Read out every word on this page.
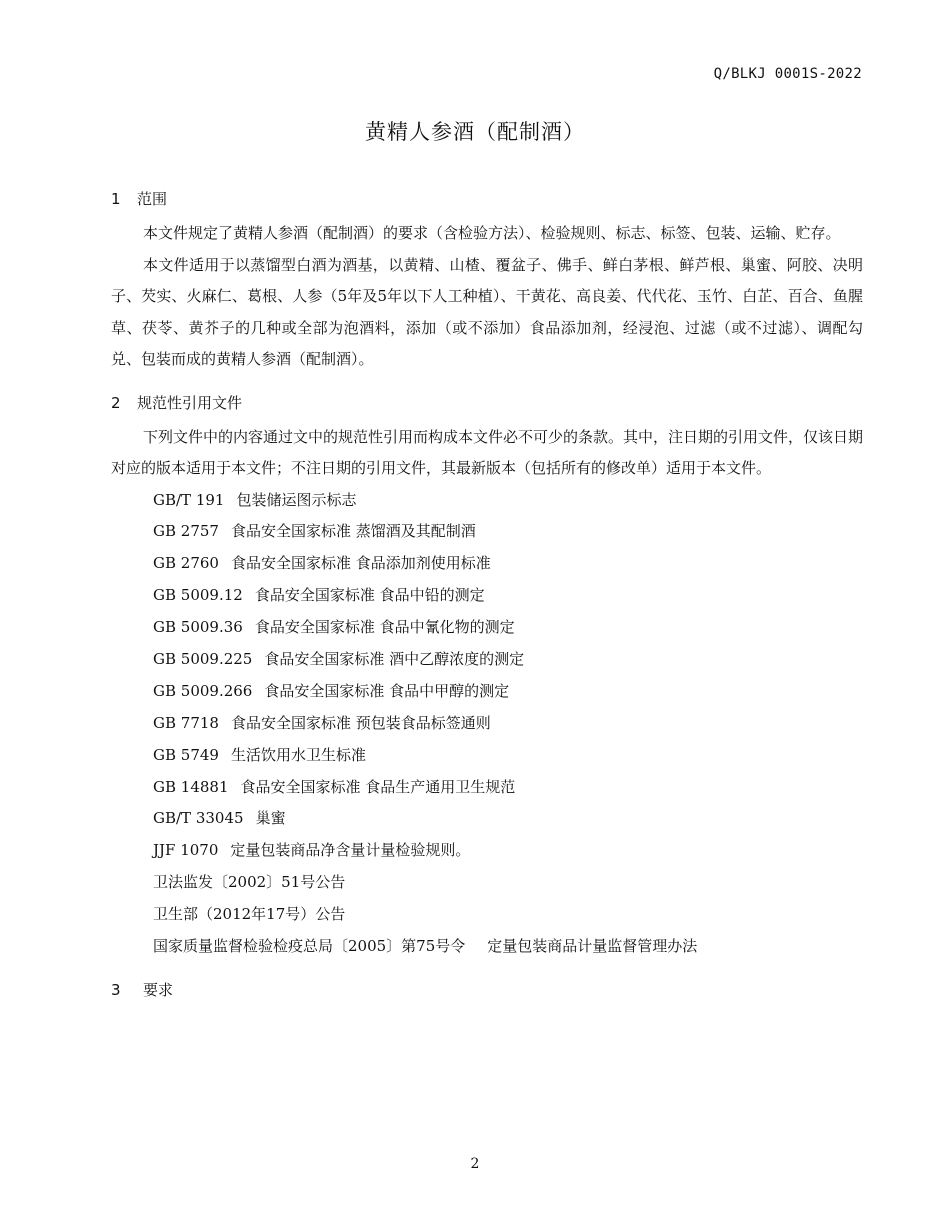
Q/BLKJ 0001S-2022
黄精人参酒（配制酒）
1 范围

本文件规定了黄精人参酒（配制酒）的要求（含检验方法）、检验规则、标志、标签、包装、运输、贮存。

本文件适用于以蒸馏型白酒为酒基，以黄精、山楂、覆盆子、佛手、鲜白茅根、鲜芦根、巢蜜、阿胶、决明子、芡实、火麻仁、葛根、人参（5年及5年以下人工种植）、干黄花、高良姜、代代花、玉竹、白芷、百合、鱼腥草、茯苓、黄芥子的几种或全部为泡酒料，添加（或不添加）食品添加剂，经浸泡、过滤（或不过滤）、调配勾兑、包装而成的黄精人参酒（配制酒）。

2 规范性引用文件

下列文件中的内容通过文中的规范性引用而构成本文件必不可少的条款。其中，注日期的引用文件，仅该日期对应的版本适用于本文件；不注日期的引用文件，其最新版本（包括所有的修改单）适用于本文件。

GB/T 191 包装储运图示标志
GB 2757 食品安全国家标准 蒸馏酒及其配制酒
GB 2760 食品安全国家标准 食品添加剂使用标准
GB 5009.12 食品安全国家标准 食品中铅的测定
GB 5009.36 食品安全国家标准 食品中氰化物的测定
GB 5009.225 食品安全国家标准 酒中乙醇浓度的测定
GB 5009.266 食品安全国家标准 食品中甲醇的测定
GB 7718 食品安全国家标准 预包装食品标签通则
GB 5749 生活饮用水卫生标准
GB 14881 食品安全国家标准 食品生产通用卫生规范
GB/T 33045 巢蜜
JJF 1070 定量包装商品净含量计量检验规则。
卫法监发〔2002〕51号公告
卫生部（2012年17号）公告
国家质量监督检验检疫总局〔2005〕第75号令 定量包装商品计量监督管理办法
3 要求
2
